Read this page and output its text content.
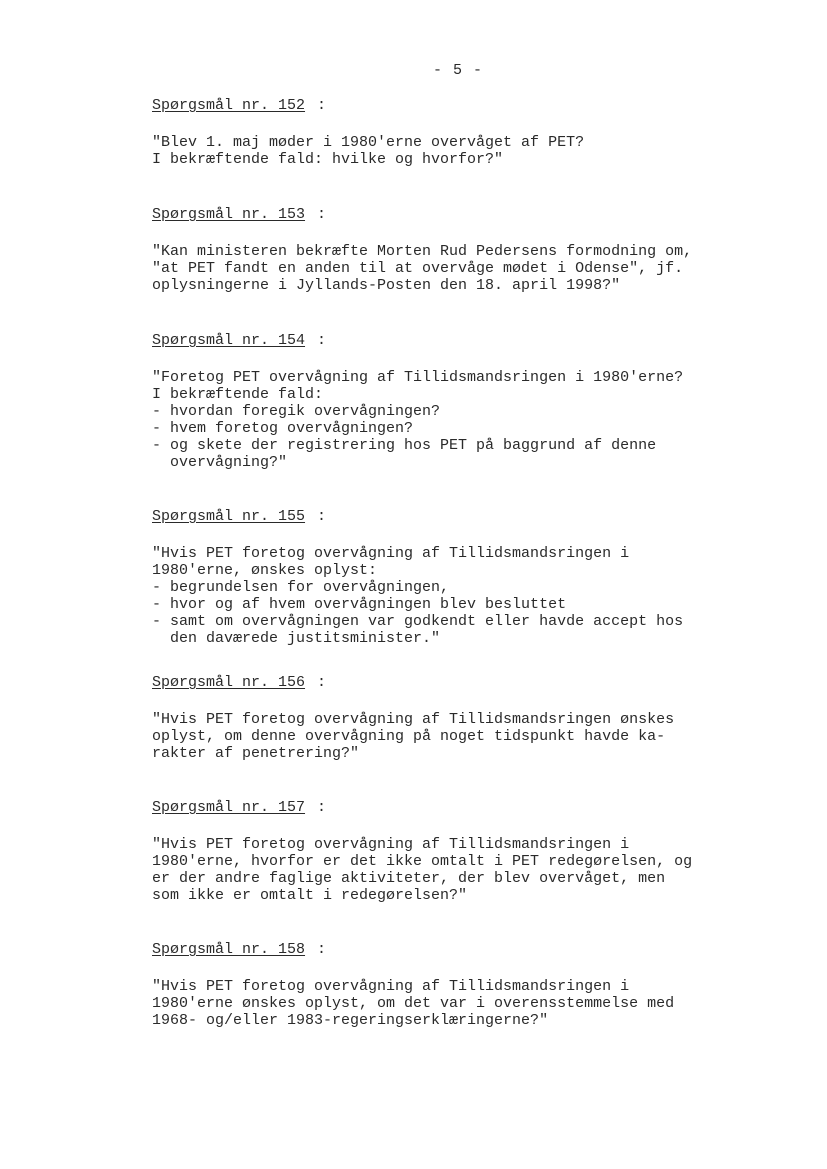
- 5 -
Spørgsmål nr. 152 :
"Blev 1. maj møder i 1980'erne overvåget af PET?
I bekræftende fald: hvilke og hvorfor?"
Spørgsmål nr. 153 :
"Kan ministeren bekræfte Morten Rud Pedersens formodning om,
"at PET fandt en anden til at overvåge mødet i Odense", jf.
oplysningerne i Jyllands-Posten den 18. april 1998?"
Spørgsmål nr. 154 :
"Foretog PET overvågning af Tillidsmandsringen i 1980'erne?
I bekræftende fald:
- hvordan foregik overvågningen?
- hvem foretog overvågningen?
- og skete der registrering hos PET på baggrund af denne
overvågning?"
Spørgsmål nr. 155 :
"Hvis PET foretog overvågning af Tillidsmandsringen i
1980'erne, ønskes oplyst:
- begrundelsen for overvågningen,
- hvor og af hvem overvågningen blev besluttet
- samt om overvågningen var godkendt eller havde accept hos
den daværede justitsminister."
Spørgsmål nr. 156 :
"Hvis PET foretog overvågning af Tillidsmandsringen ønskes
oplyst, om denne overvågning på noget tidspunkt havde ka-
rakter af penetrering?"
Spørgsmål nr. 157 :
"Hvis PET foretog overvågning af Tillidsmandsringen i
1980'erne, hvorfor er det ikke omtalt i PET redegørelsen, og
er der andre faglige aktiviteter, der blev overvåget, men
som ikke er omtalt i redegørelsen?"
Spørgsmål nr. 158 :
"Hvis PET foretog overvågning af Tillidsmandsringen i
1980'erne ønskes oplyst, om det var i overensstemmelse med
1968- og/eller 1983-regeringserklæringerne?"
